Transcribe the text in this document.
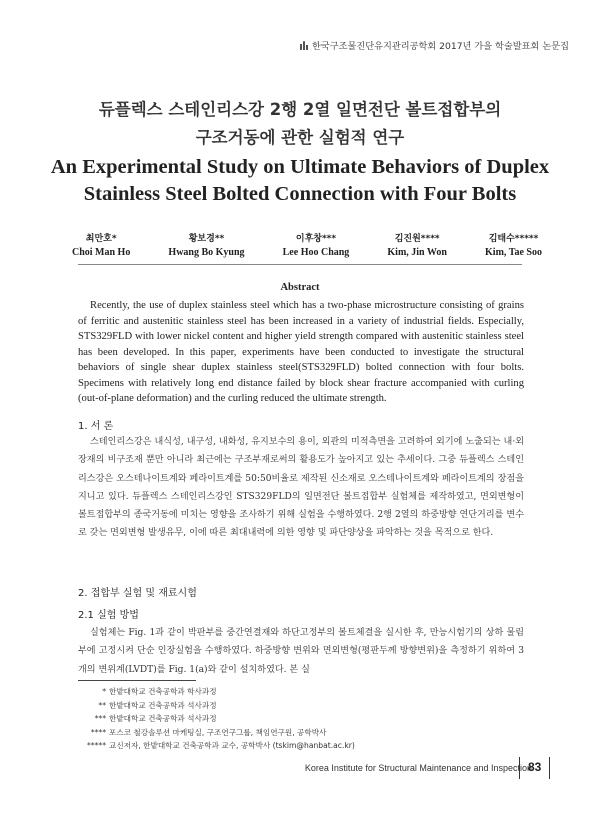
한국구조물진단유지관리공학회 2017년 가을 학술발표회 논문집
듀플렉스 스테인리스강 2행 2열 일면전단 볼트접합부의
구조거동에 관한 실험적 연구
An Experimental Study on Ultimate Behaviors of Duplex
Stainless Steel Bolted Connection with Four Bolts
최만호*
Choi Man Ho
황보경**
Hwang Bo Kyung
이후창***
Lee Hoo Chang
김진원****
Kim, Jin Won
김태수*****
Kim, Tae Soo
Abstract

Recently, the use of duplex stainless steel which has a two-phase microstructure consisting of grains of ferritic and austenitic stainless steel has been increased in a variety of industrial fields. Especially, STS329FLD with lower nickel content and higher yield strength compared with austenitic stainless steel has been developed. In this paper, experiments have been conducted to investigate the structural behaviors of single shear duplex stainless steel(STS329FLD) bolted connection with four bolts. Specimens with relatively long end distance failed by block shear fracture accompanied with curling (out-of-plane deformation) and the curling reduced the ultimate strength.

1. 서 론

스테인리스강은 내식성, 내구성, 내화성, 유지보수의 용이, 외관의 미적측면을 고려하여 외기에 노출되는 내·외장재의 비구조재 뿐만 아니라 최근에는 구조부재로써의 활용도가 높아지고 있는 추세이다. 그중 듀플렉스 스테인리스강은 오스테나이트계와 페라이트계를 50:50비율로 제작된 신소재로 오스테나이트계와 페라이트계의 장점을 지니고 있다. 듀플렉스 스테인리스강인 STS329FLD의 일면전단 볼트접합부 실험체를 제작하였고, 면외변형이 볼트접합부의 종국거동에 미치는 영향을 조사하기 위해 실험을 수행하였다. 2행 2열의 하중방향 연단거리를 변수로 갖는 면외변형 발생유무, 이에 따른 최대내력에 의한 영향 및 파단양상을 파악하는 것을 목적으로 한다.

2. 접합부 실험 및 재료시험
2.1 실험 방법

실험체는 Fig. 1과 같이 박판부를 중간연결재와 하단고정부의 볼트체결을 실시한 후, 만능시험기의 상하 물림부에 고정시켜 단순 인장실험을 수행하였다. 하중방향 변위와 면외변형(평판두께 방향변위)을 측정하기 위하여 3개의 변위계(LVDT)를 Fig. 1(a)와 같이 설치하였다. 본 실

* 한밭대학교 건축공학과 학사과정
** 한밭대학교 건축공학과 석사과정
*** 한밭대학교 건축공학과 석사과정
**** 포스코 철강솔루션 마케팅실, 구조연구그룹, 책임연구원, 공학박사
***** 교신저자, 한밭대학교 건축공학과 교수, 공학박사 (tskim@hanbat.ac.kr)
Korea Institute for Structural Maintenance and Inspection
83
